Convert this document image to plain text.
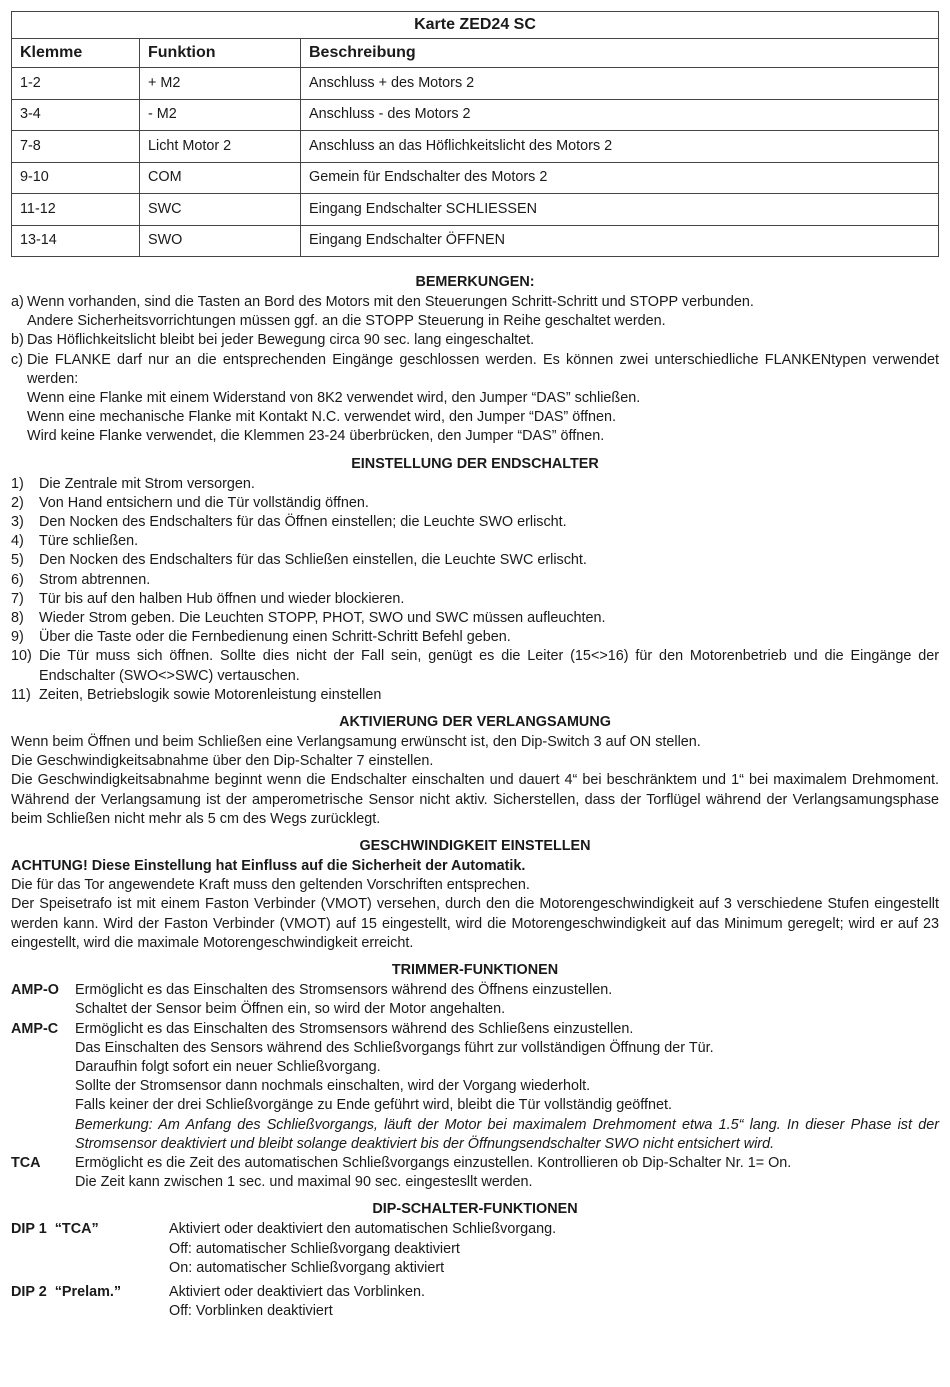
Karte ZED24 SC		
Klemme	Funktion	Beschreibung
1-2	+ M2	Anschluss + des Motors 2
3-4	- M2	Anschluss - des Motors 2
7-8	Licht Motor 2	Anschluss an das Höflichkeitslicht des Motors 2
9-10	COM	Gemein für Endschalter des Motors 2
11-12	SWC	Eingang Endschalter SCHLIESSEN
13-14	SWO	Eingang Endschalter ÖFFNEN
BEMERKUNGEN:
a) Wenn vorhanden, sind die Tasten an Bord des Motors mit den Steuerungen Schritt-Schritt und STOPP verbunden.

Andere Sicherheitsvorrichtungen müssen ggf. an die STOPP Steuerung in Reihe geschaltet werden.

b) Das Höflichkeitslicht bleibt bei jeder Bewegung circa 90 sec. lang eingeschaltet.

c) Die FLANKE darf nur an die entsprechenden Eingänge geschlossen werden. Es können zwei unterschiedliche FLANKENtypen verwendet werden:

Wenn eine Flanke mit einem Widerstand von 8K2 verwendet wird, den Jumper “DAS” schließen.

Wenn eine mechanische Flanke mit Kontakt N.C. verwendet wird, den Jumper “DAS” öffnen.

Wird keine Flanke verwendet, die Klemmen 23-24 überbrücken, den Jumper “DAS” öffnen.

EINSTELLUNG DER ENDSCHALTER
1)	Die Zentrale mit Strom versorgen.
2)	Von Hand entsichern und die Tür vollständig öffnen.
3)	Den Nocken des Endschalters für das Öffnen einstellen; die Leuchte SWO erlischt.
4)	Türe schließen.
5)	Den Nocken des Endschalters für das Schließen einstellen, die Leuchte SWC erlischt.
6)	Strom abtrennen.
7)	Tür bis auf den halben Hub öffnen und wieder blockieren.
8)	Wieder Strom geben. Die Leuchten STOPP, PHOT, SWO und SWC müssen aufleuchten.
9)	Über die Taste oder die Fernbedienung einen Schritt-Schritt Befehl geben.
10) Die Tür muss sich öffnen. Sollte dies nicht der Fall sein, genügt es die Leiter (15<>16) für den Motorenbetrieb und die Eingänge der Endschalter (SWO<>SWC) vertauschen.
11) Zeiten, Betriebslogik sowie Motorenleistung einstellen
AKTIVIERUNG DER VERLANGSAMUNG

Wenn beim Öffnen und beim Schließen eine Verlangsamung erwünscht ist, den Dip-Switch 3 auf ON stellen.

Die Geschwindigkeitsabnahme über den Dip-Schalter 7 einstellen.

Die Geschwindigkeitsabnahme beginnt wenn die Endschalter einschalten und dauert 4“ bei beschränktem und 1“ bei maximalem Drehmoment. Während der Verlangsamung ist der amperometrische Sensor nicht aktiv. Sicherstellen, dass der Torflügel während der Verlangsamungsphase beim Schließen nicht mehr als 5 cm des Wegs zurücklegt.

GESCHWINDIGKEIT EINSTELLEN

ACHTUNG! Diese Einstellung hat Einfluss auf die Sicherheit der Automatik.

Die für das Tor angewendete Kraft muss den geltenden Vorschriften entsprechen.

Der Speisetrafo ist mit einem Faston Verbinder (VMOT) versehen, durch den die Motorengeschwindigkeit auf 3 verschiedene Stufen eingestellt werden kann. Wird der Faston Verbinder (VMOT) auf 15 eingestellt, wird die Motorengeschwindigkeit auf das Minimum geregelt; wird er auf 23 eingestellt, wird die maximale Motorengeschwindigkeit erreicht.

TRIMMER-FUNKTIONEN
AMP-O	Ermöglicht es das Einschalten des Stromsensors während des Öffnens einzustellen.

Schaltet der Sensor beim Öffnen ein, so wird der Motor angehalten.

AMP-C	Ermöglicht es das Einschalten des Stromsensors während des Schließens einzustellen.

Das Einschalten des Sensors während des Schließvorgangs führt zur vollständigen Öffnung der Tür.

Daraufhin folgt sofort ein neuer Schließvorgang.

Sollte der Stromsensor dann nochmals einschalten, wird der Vorgang wiederholt.

Falls keiner der drei Schließvorgänge zu Ende geführt wird, bleibt die Tür vollständig geöffnet.

Bemerkung: Am Anfang des Schließvorgangs, läuft der Motor bei maximalem Drehmoment etwa 1.5“ lang. In dieser Phase ist der Stromsensor deaktiviert und bleibt solange deaktiviert bis der Öffnungsendschalter SWO nicht entsichert wird.

TCA	Ermöglicht es die Zeit des automatischen Schließvorgangs einzustellen. Kontrollieren ob Dip-Schalter Nr. 1= On.

Die Zeit kann zwischen 1 sec. und maximal 90 sec. eingestesllt werden.

DIP-SCHALTER-FUNKTIONEN
DIP 1  “TCA”	Aktiviert oder deaktiviert den automatischen Schließvorgang.

Off: automatischer Schließvorgang deaktiviert

On: automatischer Schließvorgang aktiviert

DIP 2  “Prelam.”	Aktiviert oder deaktiviert das Vorblinken.

Off: Vorblinken deaktiviert
